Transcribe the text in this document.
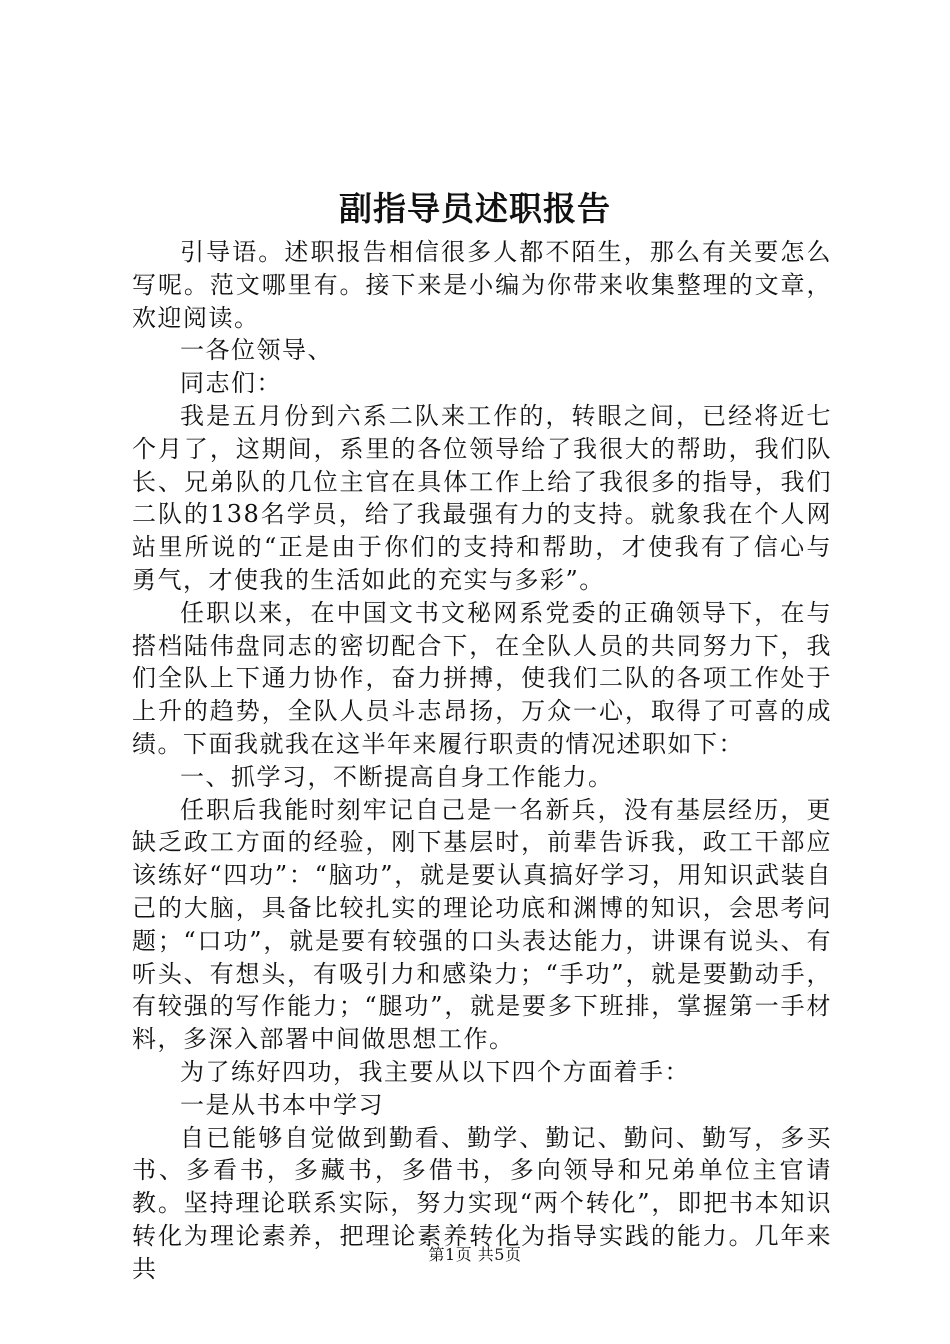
副指导员述职报告

引导语。述职报告相信很多人都不陌生，那么有关要怎么写呢。范文哪里有。接下来是小编为你带来收集整理的文章，欢迎阅读。

一各位领导、

同志们：

我是五月份到六系二队来工作的，转眼之间，已经将近七个月了，这期间，系里的各位领导给了我很大的帮助，我们队长、兄弟队的几位主官在具体工作上给了我很多的指导，我们二队的138名学员，给了我最强有力的支持。就象我在个人网站里所说的“正是由于你们的支持和帮助，才使我有了信心与勇气，才使我的生活如此的充实与多彩”。

任职以来，在中国文书文秘网系党委的正确领导下，在与搭档陆伟盘同志的密切配合下，在全队人员的共同努力下，我们全队上下通力协作，奋力拼搏，使我们二队的各项工作处于上升的趋势，全队人员斗志昂扬，万众一心，取得了可喜的成绩。下面我就我在这半年来履行职责的情况述职如下：

一、抓学习，不断提高自身工作能力。

任职后我能时刻牢记自己是一名新兵，没有基层经历，更缺乏政工方面的经验，刚下基层时，前辈告诉我，政工干部应该练好“四功”：“脑功”，就是要认真搞好学习，用知识武装自己的大脑，具备比较扎实的理论功底和渊博的知识，会思考问题；“口功”，就是要有较强的口头表达能力，讲课有说头、有听头、有想头，有吸引力和感染力；“手功”，就是要勤动手，有较强的写作能力；“腿功”，就是要多下班排，掌握第一手材料，多深入部署中间做思想工作。

为了练好四功，我主要从以下四个方面着手：

一是从书本中学习

自已能够自觉做到勤看、勤学、勤记、勤问、勤写，多买书、多看书，多藏书，多借书，多向领导和兄弟单位主官请教。坚持理论联系实际，努力实现“两个转化”，即把书本知识转化为理论素养，把理论素养转化为指导实践的能力。几年来共

第1页 共5页
